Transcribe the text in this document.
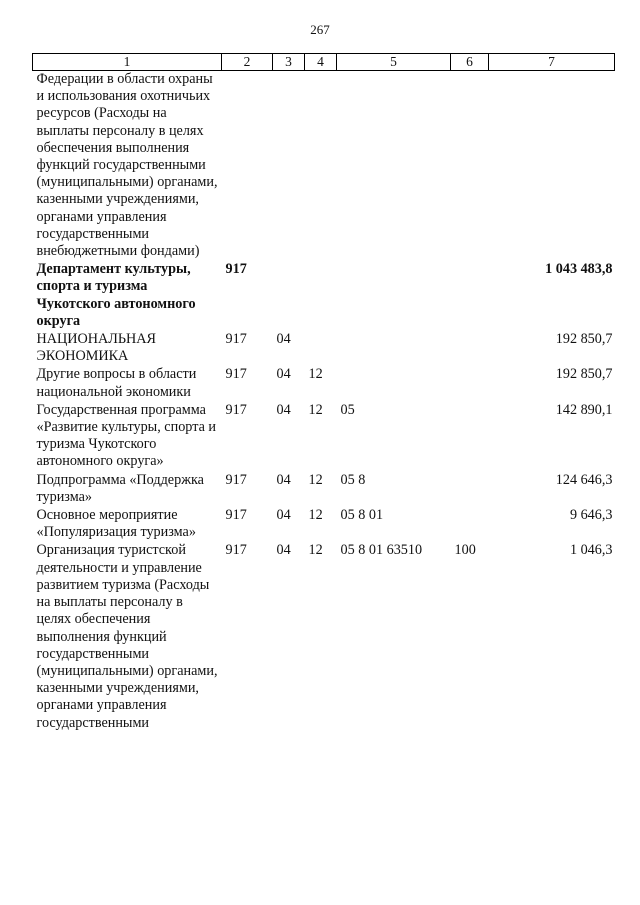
267
1	2	3	4	5	6	7
Федерации в области охраны и использования охотничьих ресурсов (Расходы на выплаты персоналу в целях обеспечения выполнения функций государственными (муниципальными) органами, казенными учреждениями, органами управления государственными внебюджетными фондами)						
Департамент культуры, спорта и туризма Чукотского автономного округа	917					1 043 483,8
НАЦИОНАЛЬНАЯ ЭКОНОМИКА	917	04				192 850,7
Другие вопросы в области национальной экономики	917	04	12			192 850,7
Государственная программа «Развитие культуры, спорта и туризма Чукотского автономного округа»	917	04	12	05		142 890,1
Подпрограмма «Поддержка туризма»	917	04	12	05 8		124 646,3
Основное мероприятие «Популяризация туризма»	917	04	12	05 8 01		9 646,3
Организация туристской деятельности и управление развитием туризма (Расходы на выплаты персоналу в целях обеспечения выполнения функций государственными (муниципальными) органами, казенными учреждениями, органами управления государственными	917	04	12	05 8 01 63510	100	1 046,3
